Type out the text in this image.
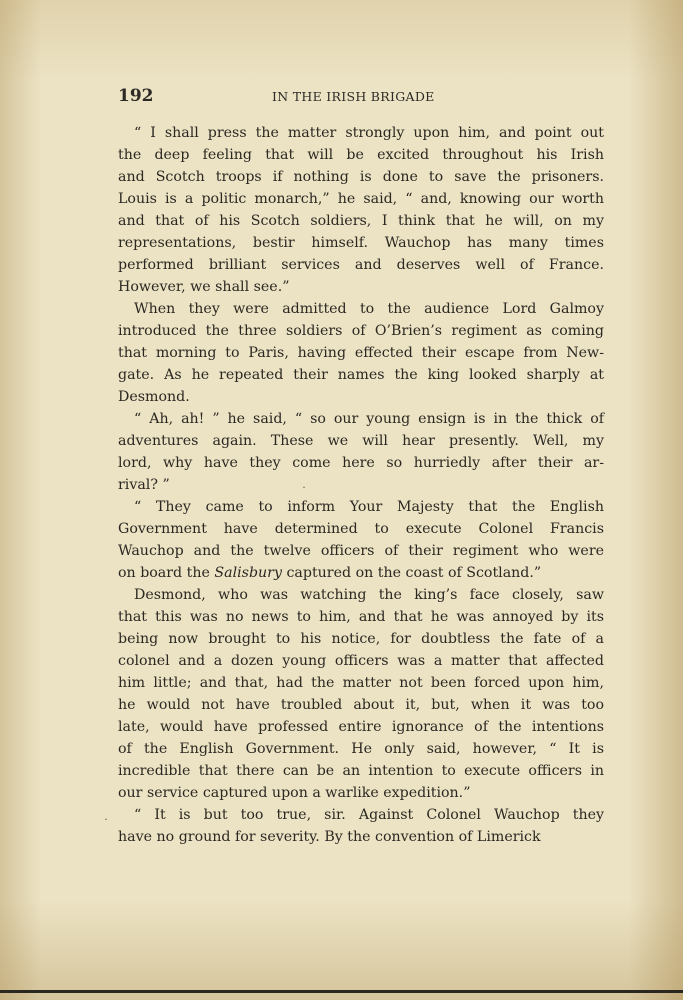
192	IN THE IRISH BRIGADE
“ I shall press the matter strongly upon him, and point out
the deep feeling that will be excited throughout his Irish
and Scotch troops if nothing is done to save the prisoners.
Louis is a politic monarch,” he said, “ and, knowing our worth
and that of his Scotch soldiers, I think that he will, on my
representations, bestir himself. Wauchop has many times
performed brilliant services and deserves well of France.
However, we shall see.”
When they were admitted to the audience Lord Galmoy
introduced the three soldiers of O’Brien’s regiment as coming
that morning to Paris, having effected their escape from New-
gate. As he repeated their names the king looked sharply at
Desmond.
“ Ah, ah! ” he said, “ so our young ensign is in the thick of
adventures again. These we will hear presently. Well, my
lord, why have they come here so hurriedly after their ar-
rival? ”
“ They came to inform Your Majesty that the English
Government have determined to execute Colonel Francis
Wauchop and the twelve officers of their regiment who were
on board the Salisbury captured on the coast of Scotland.”
Desmond, who was watching the king’s face closely, saw
that this was no news to him, and that he was annoyed by its
being now brought to his notice, for doubtless the fate of a
colonel and a dozen young officers was a matter that affected
him little; and that, had the matter not been forced upon him,
he would not have troubled about it, but, when it was too
late, would have professed entire ignorance of the intentions
of the English Government. He only said, however, “ It is
incredible that there can be an intention to execute officers in
our service captured upon a warlike expedition.”
“ It is but too true, sir. Against Colonel Wauchop they
have no ground for severity. By the convention of Limerick
·
·
